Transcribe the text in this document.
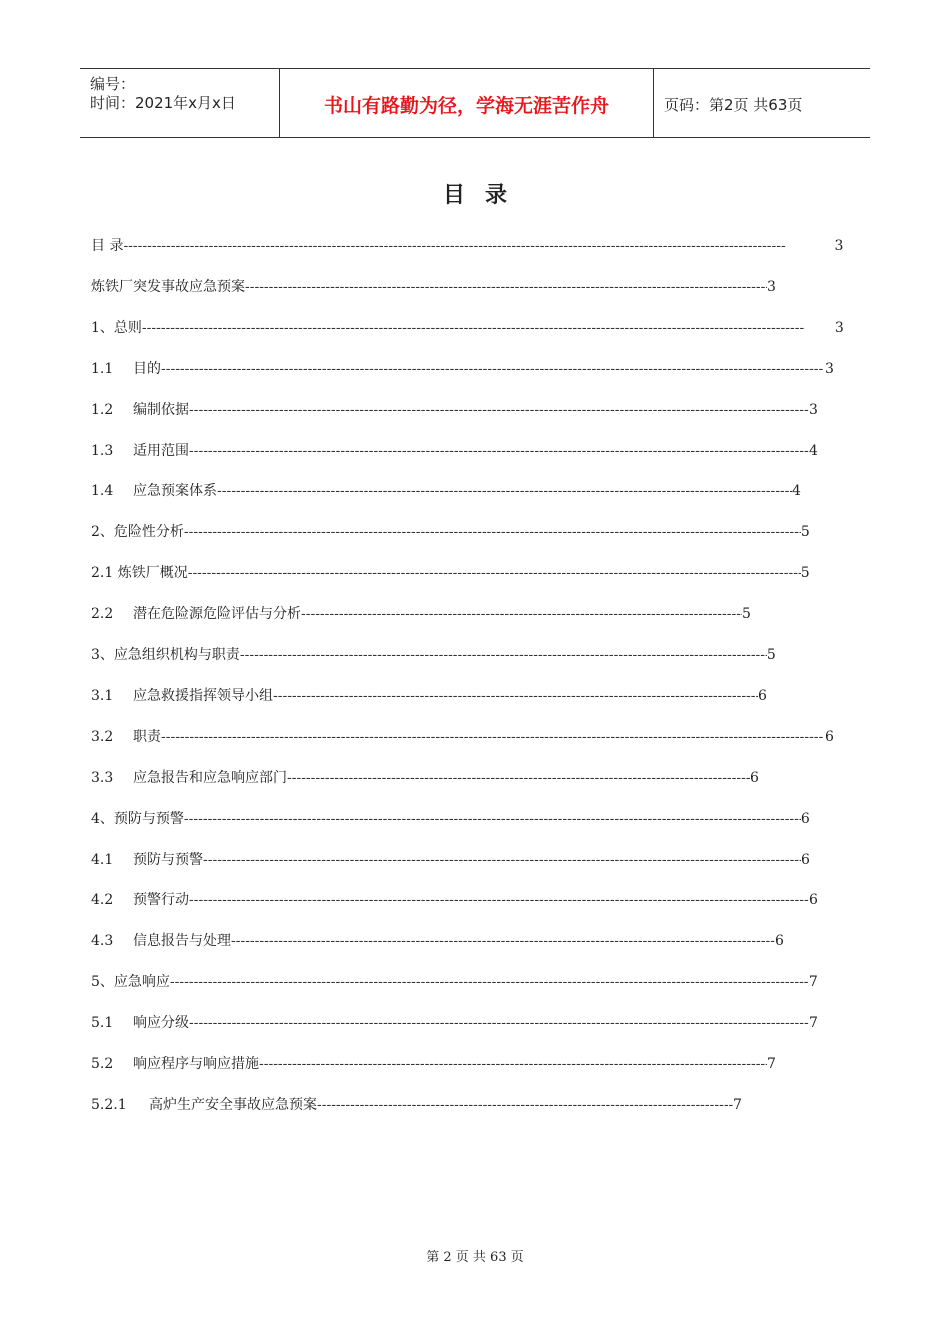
编号：
时间：2021年x月x日	书山有路勤为径，学海无涯苦作舟	页码：第2页 共63页
目录
目 录 -----	3
炼铁厂突发事故应急预案 -----	3
1、总则 -----	3
1.1	目的 -----	3
1.2	编制依据 -----	3
1.3	适用范围 -----	4
1.4	应急预案体系 -----	4
2、危险性分析 -----	5
2.1 炼铁厂概况 -----	5
2.2	潜在危险源危险评估与分析 -----	5
3、应急组织机构与职责 -----	5
3.1	应急救援指挥领导小组 -----	6
3.2	职责 -----	6
3.3	应急报告和应急响应部门 -----	6
4、预防与预警 -----	6
4.1	预防与预警 -----	6
4.2	预警行动 -----	6
4.3	信息报告与处理 -----	6
5、应急响应 -----	7
5.1	响应分级 -----	7
5.2	响应程序与响应措施 -----	7
5.2.1	高炉生产安全事故应急预案 -----	7
第 2 页 共 63 页
